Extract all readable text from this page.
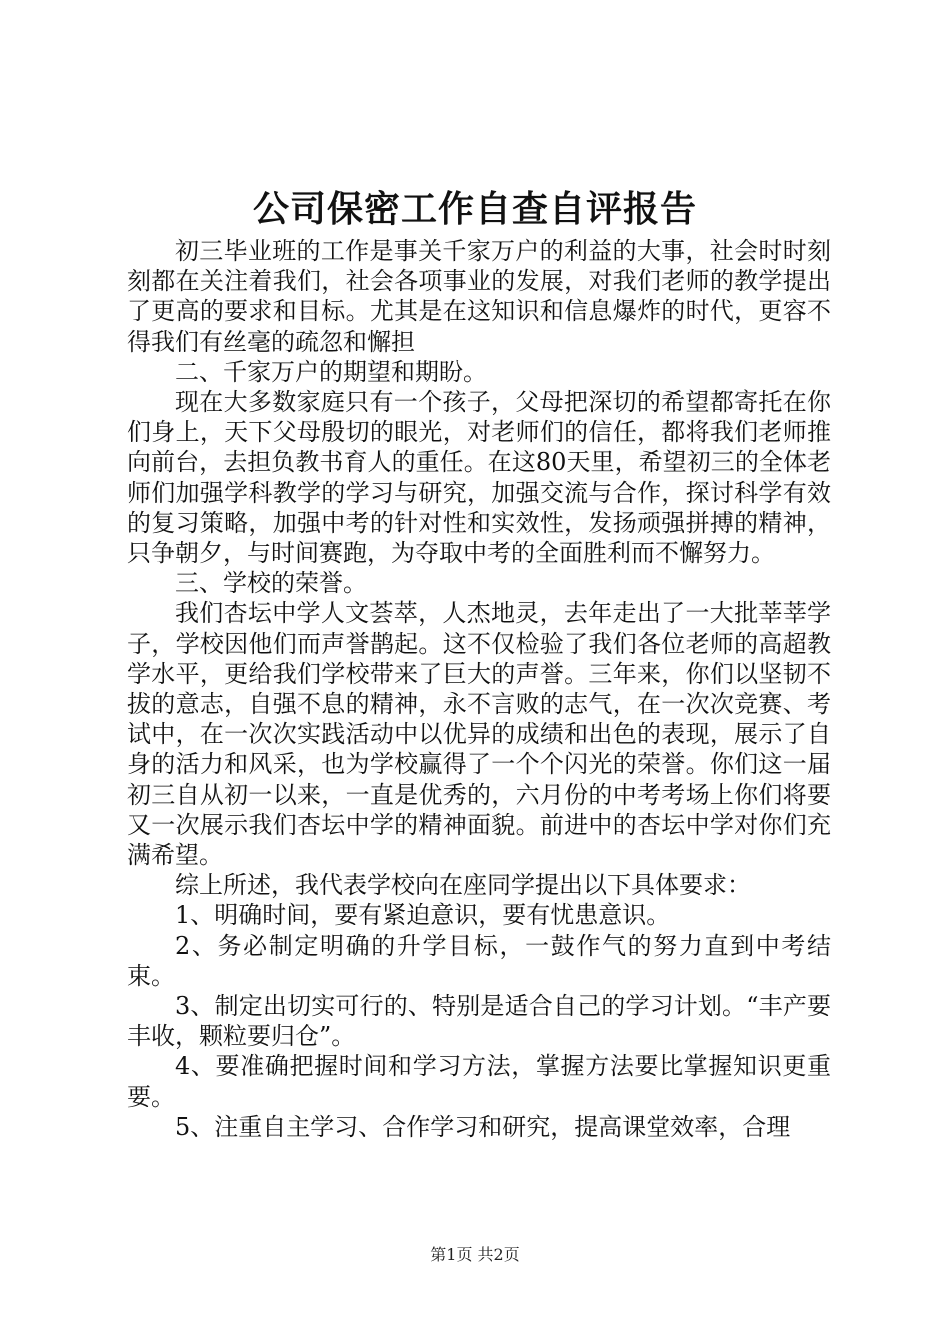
公司保密工作自查自评报告

初三毕业班的工作是事关千家万户的利益的大事，社会时时刻刻都在关注着我们，社会各项事业的发展，对我们老师的教学提出了更高的要求和目标。尤其是在这知识和信息爆炸的时代，更容不得我们有丝毫的疏忽和懈担

二、千家万户的期望和期盼。

现在大多数家庭只有一个孩子，父母把深切的希望都寄托在你们身上，天下父母殷切的眼光，对老师们的信任，都将我们老师推向前台，去担负教书育人的重任。在这80天里，希望初三的全体老师们加强学科教学的学习与研究，加强交流与合作，探讨科学有效的复习策略，加强中考的针对性和实效性，发扬顽强拼搏的精神，只争朝夕，与时间赛跑，为夺取中考的全面胜利而不懈努力。

三、学校的荣誉。

我们杏坛中学人文荟萃，人杰地灵，去年走出了一大批莘莘学子，学校因他们而声誉鹊起。这不仅检验了我们各位老师的高超教学水平，更给我们学校带来了巨大的声誉。三年来，你们以坚韧不拔的意志，自强不息的精神，永不言败的志气，在一次次竞赛、考试中，在一次次实践活动中以优异的成绩和出色的表现，展示了自身的活力和风采，也为学校赢得了一个个闪光的荣誉。你们这一届初三自从初一以来，一直是优秀的，六月份的中考考场上你们将要又一次展示我们杏坛中学的精神面貌。前进中的杏坛中学对你们充满希望。

综上所述，我代表学校向在座同学提出以下具体要求：

1、明确时间，要有紧迫意识，要有忧患意识。

2、务必制定明确的升学目标，一鼓作气的努力直到中考结束。

3、制定出切实可行的、特别是适合自己的学习计划。“丰产要丰收，颗粒要归仓”。

4、要准确把握时间和学习方法，掌握方法要比掌握知识更重要。

5、注重自主学习、合作学习和研究，提高课堂效率，合理

第1页 共2页
